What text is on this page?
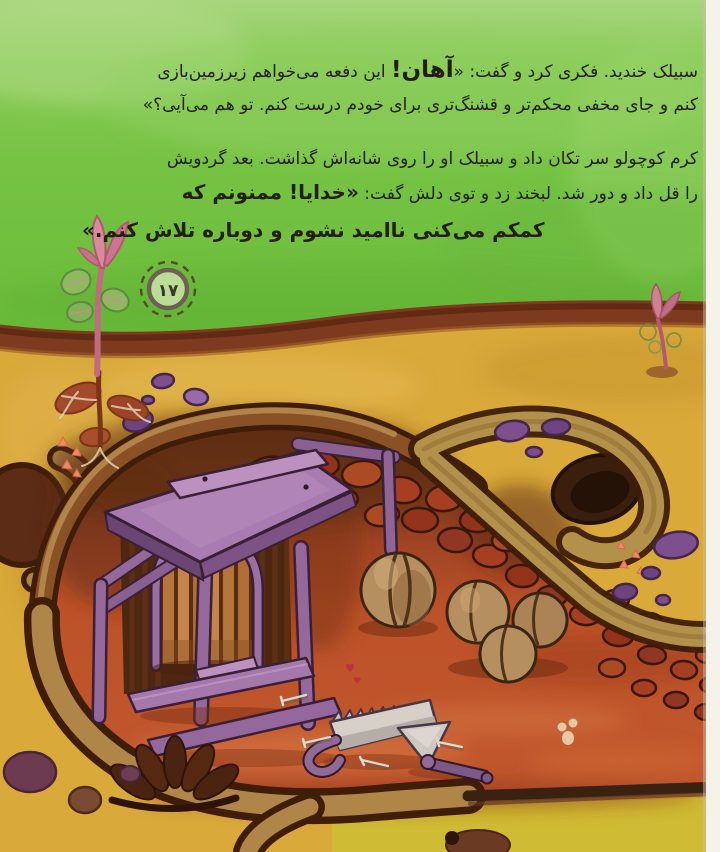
۱۷
سبیلک خندید. فکری کرد و گفت: «آهان! این دفعه می‌خواهم زیرزمین‌بازی
کنم و جای مخفی محکم‌تر و قشنگ‌تری برای خودم درست کنم. تو هم می‌آیی؟»
کرم کوچولو سر تکان داد و سبیلک او را روی شانه‌اش گذاشت. بعد گردویش
را قل داد و دور شد. لبخند زد و توی دلش گفت: «خدایا! ممنونم که
کمکم می‌کنی ناامید نشوم و دوباره تلاش کنم.»
